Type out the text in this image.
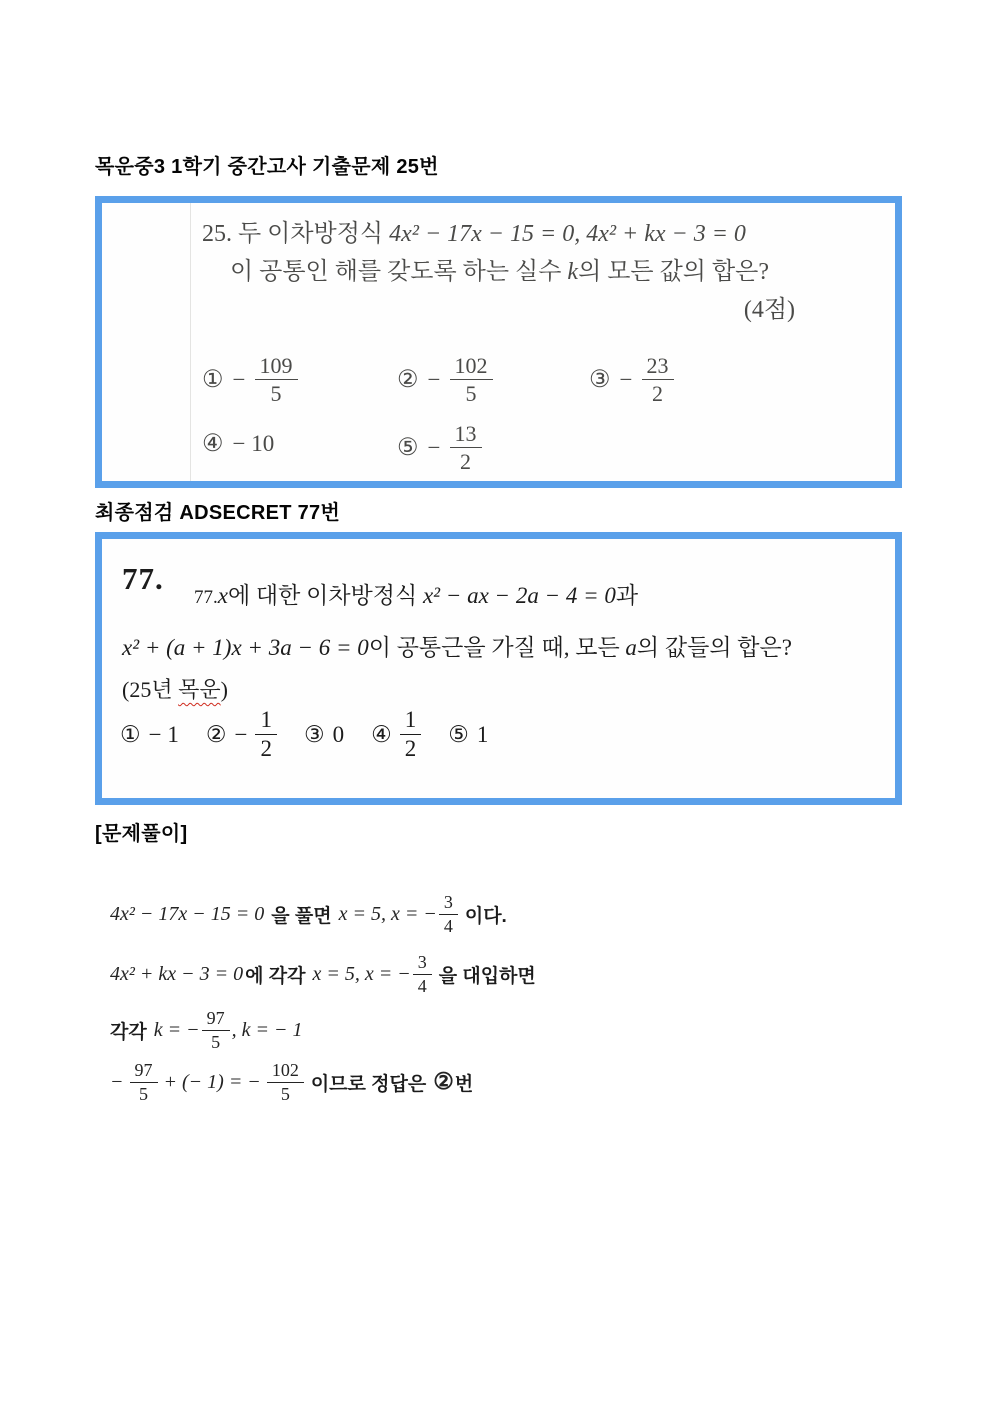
목운중3 1학기 중간고사 기출문제 25번
25. 두 이차방정식 4x² − 17x − 15 = 0, 4x² + kx − 3 = 0
이 공통인 해를 갖도록 하는 실수 k의 모든 값의 합은?
(4점)
① − $\frac{109}{5}$	② − $\frac{102}{5}$	③ − $\frac{23}{2}$
④ − 10	⑤ − $\frac{13}{2}$
최종점검 ADSECRET 77번
77.
77.x에 대한 이차방정식 x² − ax − 2a − 4 = 0과
x² + (a + 1)x + 3a − 6 = 0이 공통근을 가질 때, 모든 a의 값들의 합은?
(25년 목운)
① − 1 ② − $\frac{1}{2}$ ③ 0 ④ $\frac{1}{2}$ ⑤ 1
[문제풀이]
4x² − 17x − 15 = 0 을 풀면 x = 5, x = − $\frac{3}{4}$ 이다.
4x² + kx − 3 = 0 에 각각 x = 5, x = − $\frac{3}{4}$ 을 대입하면
각각 k = − $\frac{97}{5}$ , k = − 1
− $\frac{97}{5}$ + (− 1) = − $\frac{102}{5}$ 이므로 정답은 ② 번
